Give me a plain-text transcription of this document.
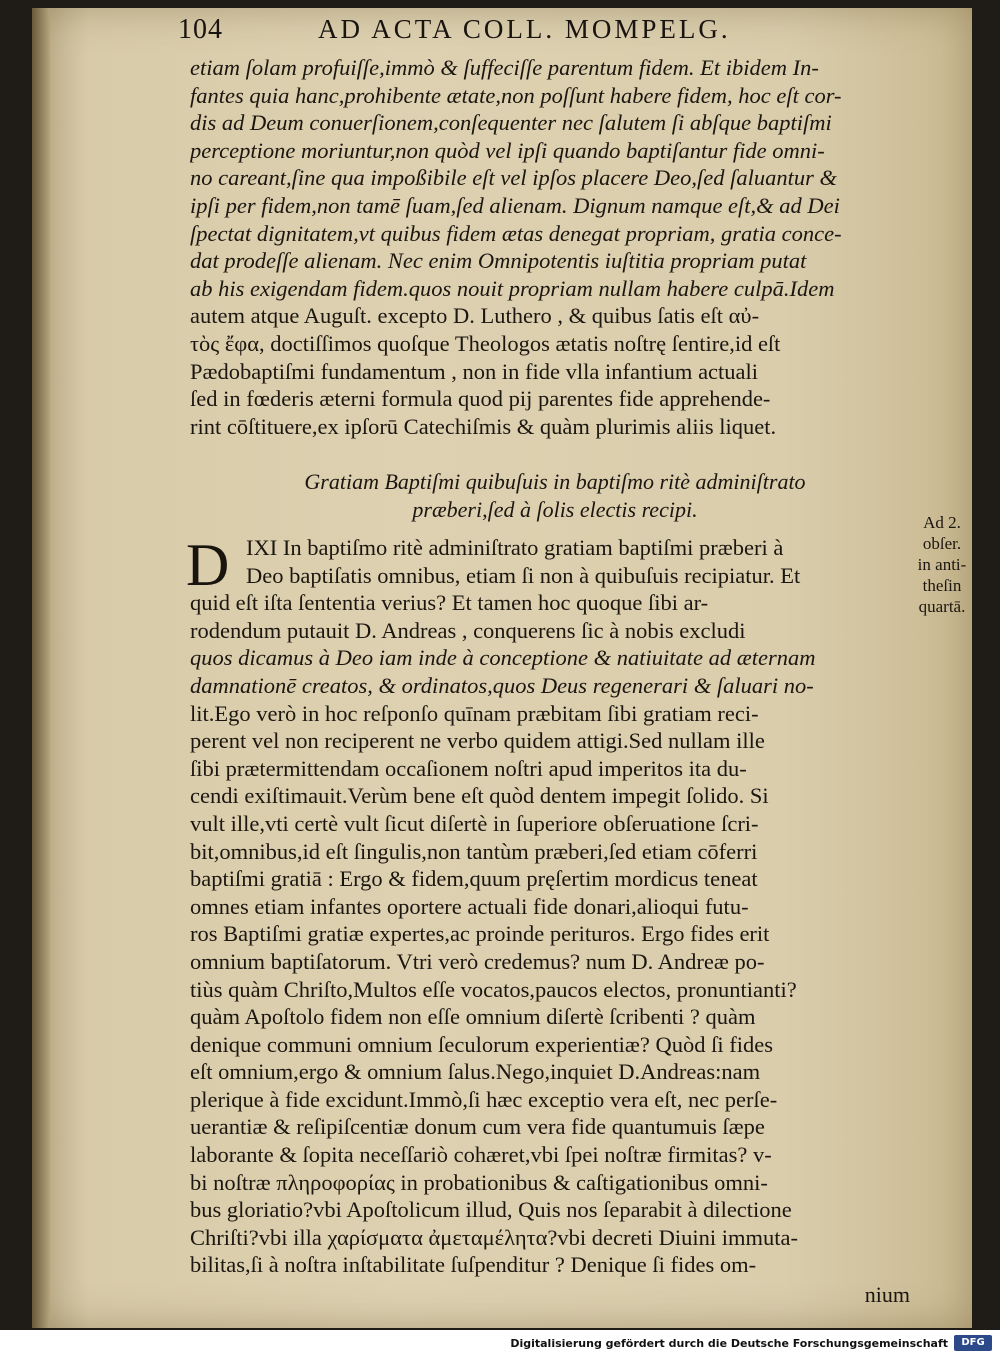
104	AD ACTA COLL. MOMPELG.
etiam ſolam profuiſſe,immò & ſuffeciſſe parentum fidem. Et ibidem In-
fantes quia hanc,prohibente ætate,non poſſunt habere fidem, hoc eſt cor-
dis ad Deum conuerſionem,conſequenter nec ſalutem ſi abſque baptiſmi
perceptione moriuntur,non quòd vel ipſi quando baptiſantur fide omni-
no careant,ſine qua impoßibile eſt vel ipſos placere Deo,ſed ſaluantur &
ipſi per fidem,non tamē ſuam,ſed alienam. Dignum namque eſt,& ad Dei
ſpectat dignitatem,vt quibus fidem ætas denegat propriam, gratia conce-
dat prodeſſe alienam. Nec enim Omnipotentis iuſtitia propriam putat
ab his exigendam fidem.quos nouit propriam nullam habere culpā.Idem
autem atque Auguſt. excepto D. Luthero , & quibus ſatis eſt αὐ-
τὸς ἔφα, doctiſſimos quoſque Theologos ætatis noſtrę ſentire,id eſt
Pædobaptiſmi fundamentum , non in fide vlla infantium actuali
ſed in fœderis æterni formula quod pij parentes fide apprehende-
rint cōſtituere,ex ipſorū Catechiſmis & quàm plurimis aliis liquet.
Gratiam Baptiſmi quibuſuis in baptiſmo ritè adminiſtrato
præberi,ſed à ſolis electis recipi.
Ad 2.
obſer.
in anti-
theſin
quartā.
D IXI In baptiſmo ritè adminiſtrato gratiam baptiſmi præberi à
Deo baptiſatis omnibus, etiam ſi non à quibuſuis recipiatur. Et
quid eſt iſta ſententia verius? Et tamen hoc quoque ſibi ar-
rodendum putauit D. Andreas , conquerens ſic à nobis excludi
quos dicamus à Deo iam inde à conceptione & natiuitate ad æternam
damnationē creatos, & ordinatos,quos Deus regenerari & ſaluari no-
lit.Ego verò in hoc reſponſo quīnam præbitam ſibi gratiam reci-
perent vel non reciperent ne verbo quidem attigi.Sed nullam ille
ſibi prætermittendam occaſionem noſtri apud imperitos ita du-
cendi exiſtimauit.Verùm bene eſt quòd dentem impegit ſolido. Si
vult ille,vti certè vult ſicut diſertè in ſuperiore obſeruatione ſcri-
bit,omnibus,id eſt ſingulis,non tantùm præberi,ſed etiam cōferri
baptiſmi gratiā : Ergo & fidem,quum pręſertim mordicus teneat
omnes etiam infantes oportere actuali fide donari,alioqui futu-
ros Baptiſmi gratiæ expertes,ac proinde perituros. Ergo fides erit
omnium baptiſatorum. Vtri verò credemus? num D. Andreæ po-
tiùs quàm Chriſto,Multos eſſe vocatos,paucos electos, pronuntianti?
quàm Apoſtolo fidem non eſſe omnium diſertè ſcribenti ? quàm
denique communi omnium ſeculorum experientiæ? Quòd ſi fides
eſt omnium,ergo & omnium ſalus.Nego,inquiet D.Andreas:nam
plerique à fide excidunt.Immò,ſi hæc exceptio vera eſt, nec perſe-
uerantiæ & reſipiſcentiæ donum cum vera fide quantumuis ſæpe
laborante & ſopita neceſſariò cohæret,vbi ſpei noſtræ firmitas? v-
bi noſtræ πληροφορίας in probationibus & caſtigationibus omni-
bus gloriatio?vbi Apoſtolicum illud, Quis nos ſeparabit à dilectione
Chriſti?vbi illa χαρίσματα ἀμεταμέλητα?vbi decreti Diuini immuta-
bilitas,ſi à noſtra inſtabilitate ſuſpenditur ? Denique ſi fides om-
nium
Digitalisierung gefördert durch die Deutsche Forschungsgemeinschaft	DFG
